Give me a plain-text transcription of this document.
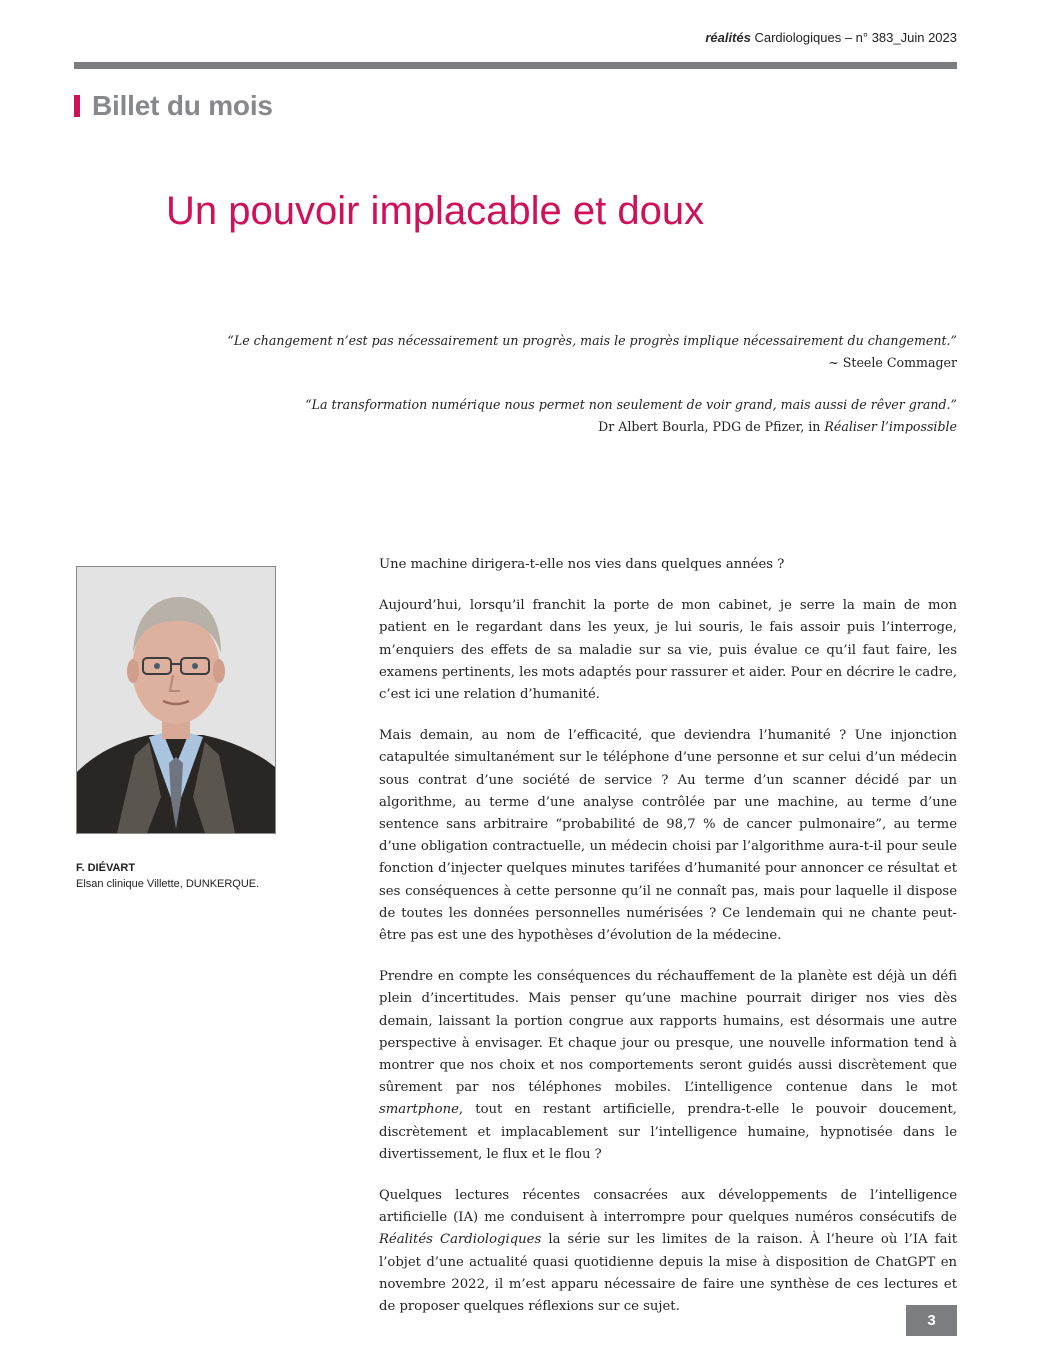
réalités Cardiologiques – n° 383_Juin 2023
Billet du mois
Un pouvoir implacable et doux
“Le changement n’est pas nécessairement un progrès, mais le progrès implique nécessairement du changement.”
~ Steele Commager
“La transformation numérique nous permet non seulement de voir grand, mais aussi de rêver grand.”
Dr Albert Bourla, PDG de Pfizer, in Réaliser l’impossible
F. DIÉVART
Elsan clinique Villette, DUNKERQUE.

Une machine dirigera-t-elle nos vies dans quelques années ?

Aujourd’hui, lorsqu’il franchit la porte de mon cabinet, je serre la main de mon patient en le regardant dans les yeux, je lui souris, le fais assoir puis l’interroge, m’enquiers des effets de sa maladie sur sa vie, puis évalue ce qu’il faut faire, les examens pertinents, les mots adaptés pour rassurer et aider. Pour en décrire le cadre, c’est ici une relation d’humanité.

Mais demain, au nom de l’efficacité, que deviendra l’humanité ? Une injonction catapultée simultanément sur le téléphone d’une personne et sur celui d’un médecin sous contrat d’une société de service ? Au terme d’un scanner décidé par un algorithme, au terme d’une analyse contrôlée par une machine, au terme d’une sentence sans arbitraire “probabilité de 98,7 % de cancer pulmonaire”, au terme d’une obligation contractuelle, un médecin choisi par l’algorithme aura-t-il pour seule fonction d’injecter quelques minutes tarifées d’humanité pour annoncer ce résultat et ses conséquences à cette personne qu’il ne connaît pas, mais pour laquelle il dispose de toutes les données personnelles numérisées ? Ce lendemain qui ne chante peut-être pas est une des hypothèses d’évolution de la médecine.

Prendre en compte les conséquences du réchauffement de la planète est déjà un défi plein d’incertitudes. Mais penser qu’une machine pourrait diriger nos vies dès demain, laissant la portion congrue aux rapports humains, est désormais une autre perspective à envisager. Et chaque jour ou presque, une nouvelle information tend à montrer que nos choix et nos comportements seront guidés aussi discrètement que sûrement par nos téléphones mobiles. L’intelligence contenue dans le mot smartphone, tout en restant artificielle, prendra-t-elle le pouvoir doucement, discrètement et implacablement sur l’intelligence humaine, hypnotisée dans le divertissement, le flux et le flou ?

Quelques lectures récentes consacrées aux développements de l’intelligence artificielle (IA) me conduisent à interrompre pour quelques numéros consécutifs de Réalités Cardiologiques la série sur les limites de la raison. À l’heure où l’IA fait l’objet d’une actualité quasi quotidienne depuis la mise à disposition de ChatGPT en novembre 2022, il m’est apparu nécessaire de faire une synthèse de ces lectures et de proposer quelques réflexions sur ce sujet.

3
